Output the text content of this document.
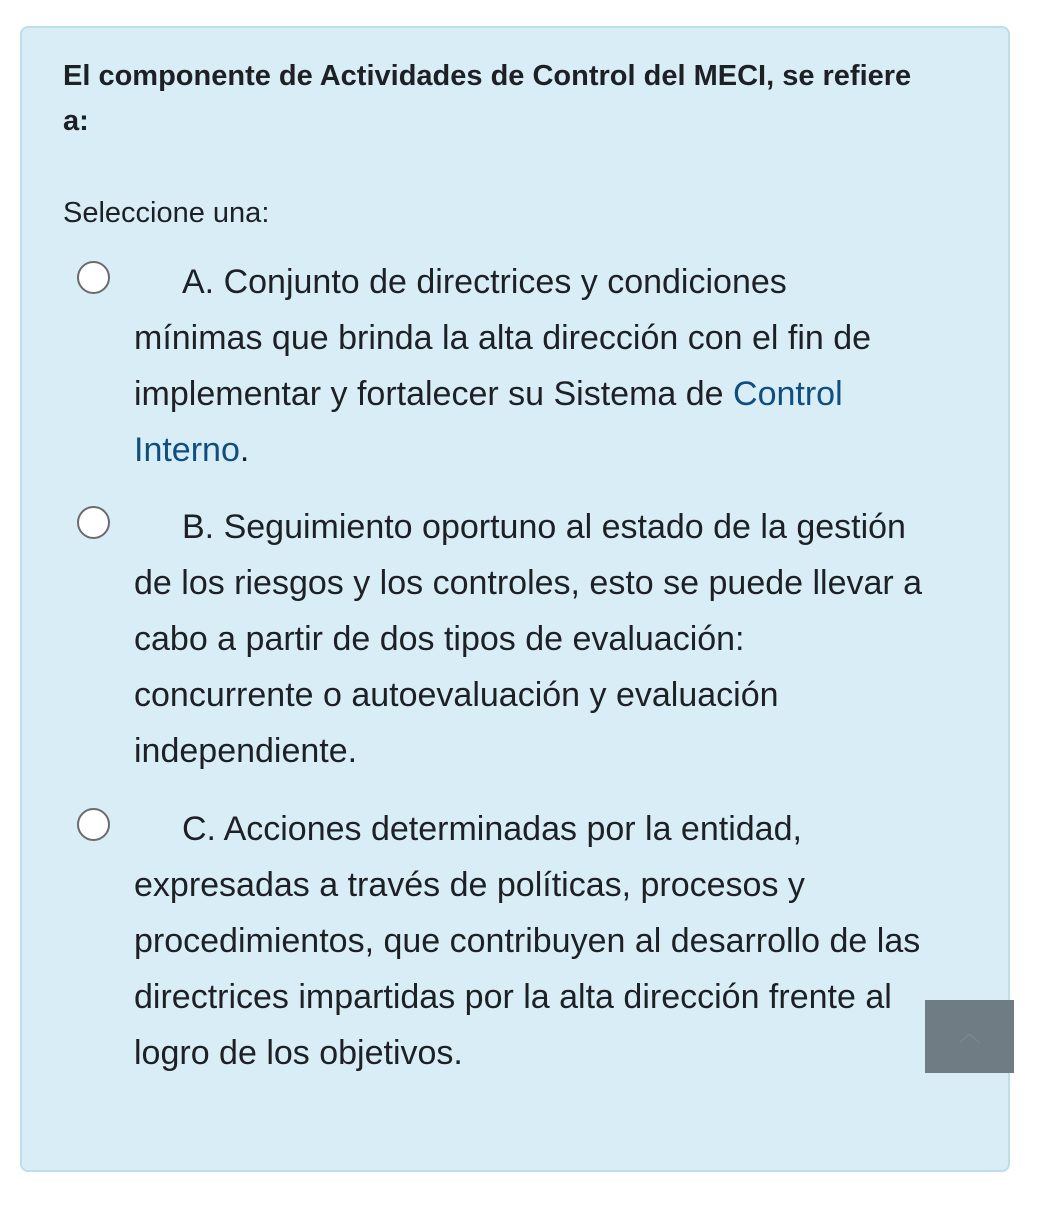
El componente de Actividades de Control del MECI, se refiere a:
Seleccione una:
A. Conjunto de directrices y condiciones mínimas que brinda la alta dirección con el fin de implementar y fortalecer su Sistema de Control Interno.
B. Seguimiento oportuno al estado de la gestión de los riesgos y los controles, esto se puede llevar a cabo a partir de dos tipos de evaluación: concurrente o autoevaluación y evaluación independiente.
C. Acciones determinadas por la entidad, expresadas a través de políticas, procesos y procedimientos, que contribuyen al desarrollo de las directrices impartidas por la alta dirección frente al logro de los objetivos.
︿
